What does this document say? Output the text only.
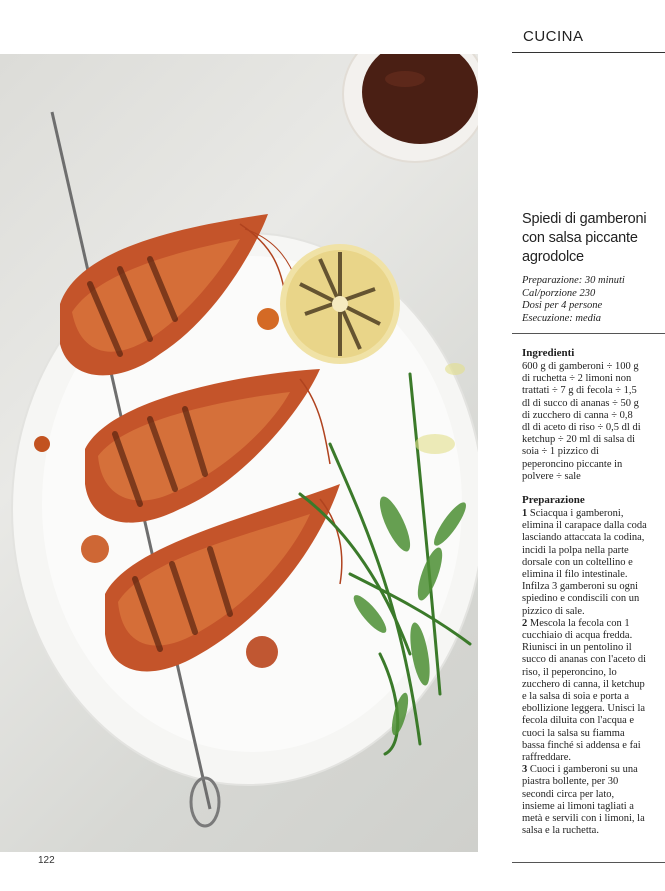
CUCINA
Spiedi di gamberoni con salsa piccante agrodolce
Preparazione: 30 minuti
Cal/porzione 230
Dosi per 4 persone
Esecuzione: media
Ingredienti

600 g di gamberoni ÷ 100 g di ruchetta ÷ 2 limoni non trattati ÷ 7 g di fecola ÷ 1,5 dl di succo di ananas ÷ 50 g di zucchero di canna ÷ 0,8 dl di aceto di riso ÷ 0,5 dl di ketchup ÷ 20 ml di salsa di soia ÷ 1 pizzico di peperoncino piccante in polvere ÷ sale

Preparazione

1 Sciacqua i gamberoni, elimina il carapace dalla coda lasciando attaccata la codina, incidi la polpa nella parte dorsale con un coltellino e elimina il filo intestinale. Infilza 3 gamberoni su ogni spiedino e condiscili con un pizzico di sale.

2 Mescola la fecola con 1 cucchiaio di acqua fredda. Riunisci in un pentolino il succo di ananas con l'aceto di riso, il peperoncino, lo zucchero di canna, il ketchup e la salsa di soia e porta a ebollizione leggera. Unisci la fecola diluita con l'acqua e cuoci la salsa su fiamma bassa finché si addensa e fai raffreddare.

3 Cuoci i gamberoni su una piastra bollente, per 30 secondi circa per lato, insieme ai limoni tagliati a metà e servili con i limoni, la salsa e la ruchetta.

122
